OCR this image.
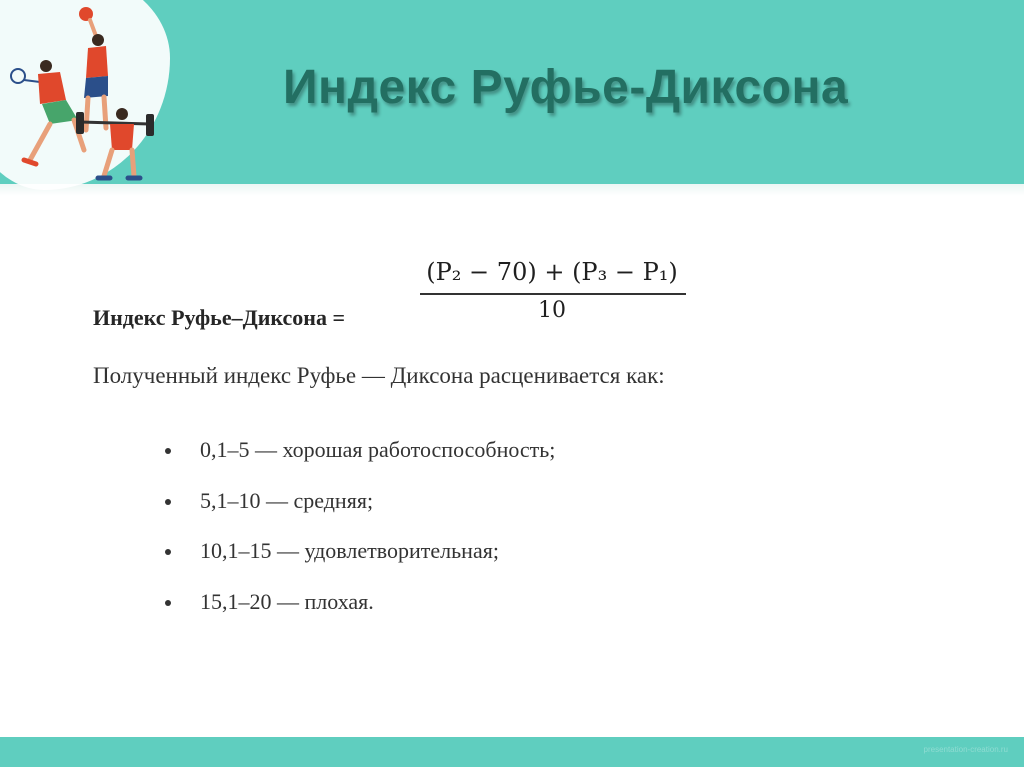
Индекс Руфье-Диксона
Индекс Руфье–Диксона =
(P₂ − 70) + (P₃ − P₁)
10
Полученный индекс Руфье — Диксона расценивается как:
0,1–5 — хорошая работоспособность;
5,1–10 — средняя;
10,1–15 — удовлетворительная;
15,1–20 — плохая.
presentation-creation.ru
